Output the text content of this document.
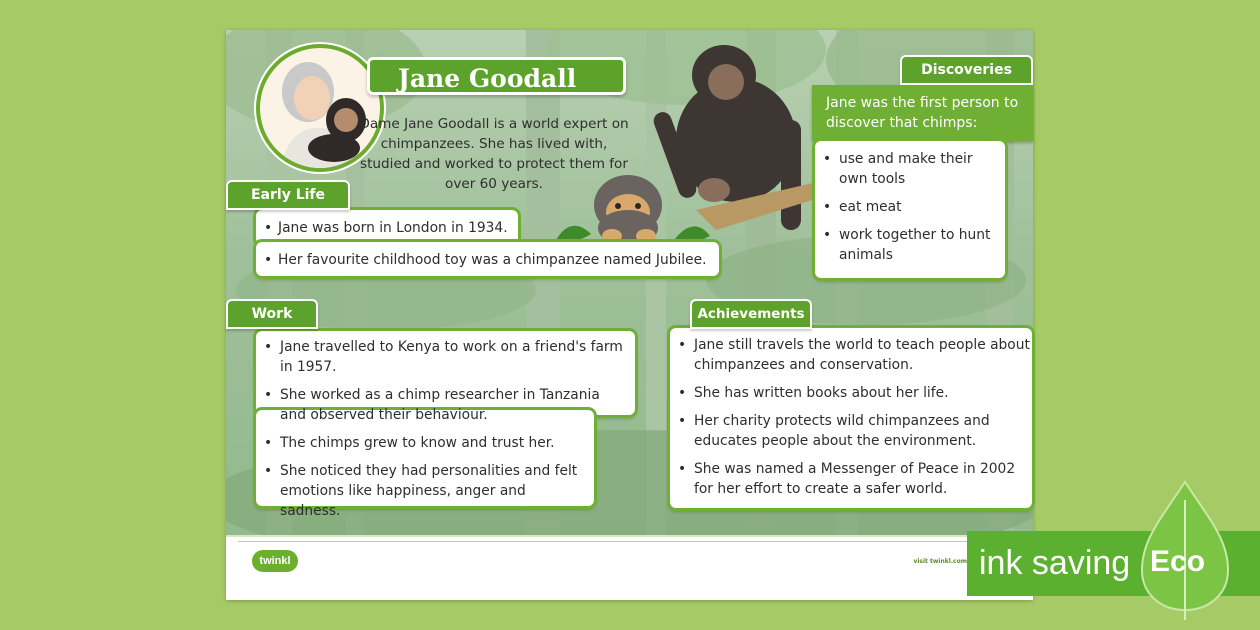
twinkl	visit twinkl.com
Jane Goodall
Dame Jane Goodall is a world expert on chimpanzees. She has lived with, studied and worked to protect them for over 60 years.
• Jane was born in London in 1934.
• Her favourite childhood toy was a chimpanzee named Jubilee.
Early Life
• Jane travelled to Kenya to work on a friend's farm in 1957.
• She worked as a chimp researcher in Tanzania and observed their behaviour.
• The chimps grew to know and trust her.
• She noticed they had personalities and felt emotions like happiness, anger and sadness.
Work
Discoveries
Jane was the first person to discover that chimps:
• use and make their own tools
• eat meat
• work together to hunt animals
• Jane still travels the world to teach people about chimpanzees and conservation.
• She has written books about her life.
• Her charity protects wild chimpanzees and educates people about the environment.
• She was named a Messenger of Peace in 2002 for her effort to create a safer world.
Achievements
ink saving Eco
